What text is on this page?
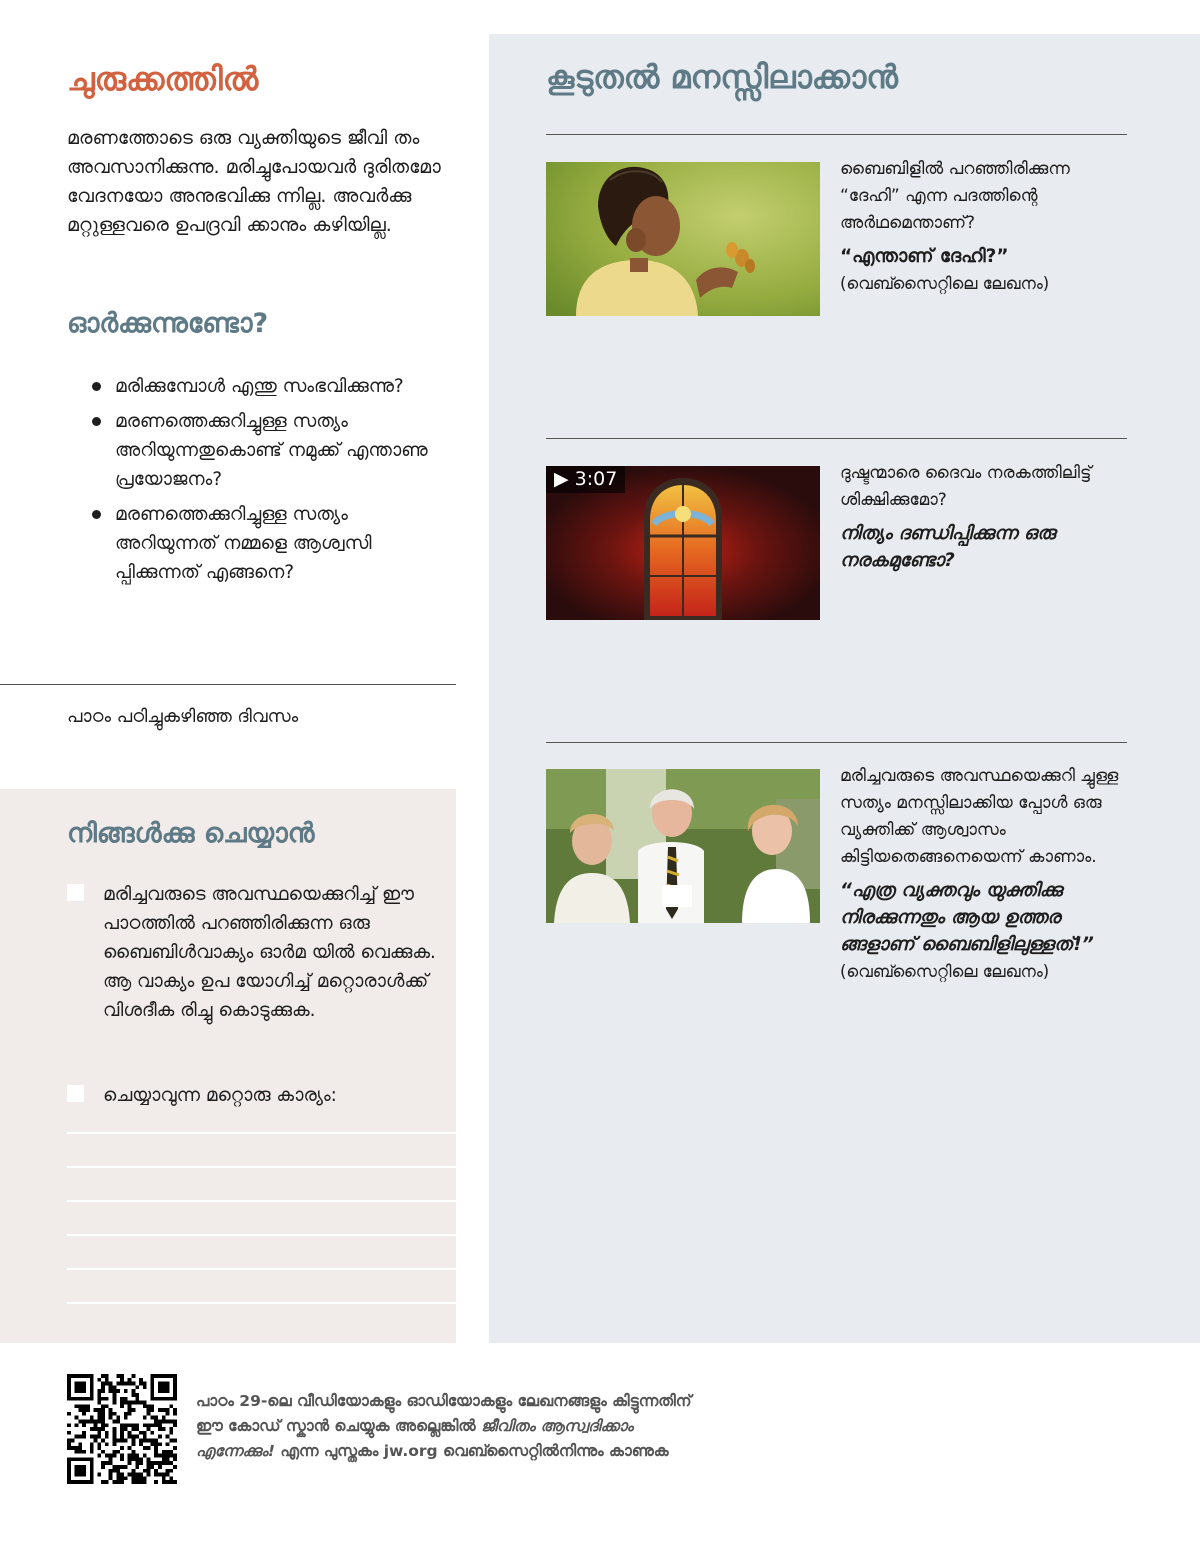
ചുരുക്കത്തിൽ

മരണത്തോടെ ഒരു വ്യക്തിയുടെ ജീവി തം അവസാനിക്കുന്നു. മരിച്ചുപോയവർ ദുരിതമോ വേദനയോ അനുഭവിക്കു ന്നില്ല. അവർക്കു മറ്റുള്ളവരെ ഉപദ്രവി ക്കാനും കഴിയില്ല.

ഓർക്കുന്നുണ്ടോ?
മരിക്കുമ്പോൾ എന്തു സംഭവിക്കുന്നു?
മരണത്തെക്കുറിച്ചുള്ള സത്യം അറിയുന്നതുകൊണ്ട് നമുക്ക് എന്താണു പ്രയോജനം?
മരണത്തെക്കുറിച്ചുള്ള സത്യം അറിയുന്നത് നമ്മളെ ആശ്വസി പ്പിക്കുന്നത് എങ്ങനെ?
പാഠം പഠിച്ചുകഴിഞ്ഞ ദിവസം
നിങ്ങൾക്കു ചെയ്യാൻ
മരിച്ചവരുടെ അവസ്ഥയെക്കുറിച്ച് ഈ പാഠത്തിൽ പറഞ്ഞിരിക്കുന്ന ഒരു ബൈബിൾവാക്യം ഓർമ യിൽ വെക്കുക. ആ വാക്യം ഉപ യോഗിച്ച് മറ്റൊരാൾക്ക് വിശദീക രിച്ചു കൊടുക്കുക.
ചെയ്യാവുന്ന മറ്റൊരു കാര്യം:
കൂടുതൽ മനസ്സിലാക്കാൻ

ബൈബിളിൽ പറഞ്ഞിരിക്കുന്ന “ദേഹി” എന്ന പദത്തിന്റെ അർഥമെന്താണ്?

“എന്താണ് ദേഹി?”

(വെബ്സൈറ്റിലെ ലേഖനം)

▶ 3:07	ദുഷ്ടന്മാരെ ദൈവം നരകത്തിലിട്ട് ശിക്ഷിക്കുമോ?

നിത്യം ദണ്ഡിപ്പിക്കുന്ന ഒരു നരകമുണ്ടോ?

മരിച്ചവരുടെ അവസ്ഥയെക്കുറി ച്ചുള്ള സത്യം മനസ്സിലാക്കിയ പ്പോൾ ഒരു വ്യക്തിക്ക് ആശ്വാസം കിട്ടിയതെങ്ങനെയെന്ന് കാണാം.

“എത്ര വ്യക്തവും യുക്തിക്കു നിരക്കുന്നതും ആയ ഉത്തര ങ്ങളാണ് ബൈബിളിലുള്ളത്!”

(വെബ്സൈറ്റിലെ ലേഖനം)

പാഠം 29-ലെ വീഡിയോകളും ഓഡിയോകളും ലേഖനങ്ങളും കിട്ടുന്നതിന് ഈ കോഡ് സ്കാൻ ചെയ്യുക അല്ലെങ്കിൽ ജീവിതം ആസ്വദിക്കാം എന്നേക്കും! എന്ന പുസ്തകം jw.org വെബ്സൈറ്റിൽനിന്നും കാണുക
